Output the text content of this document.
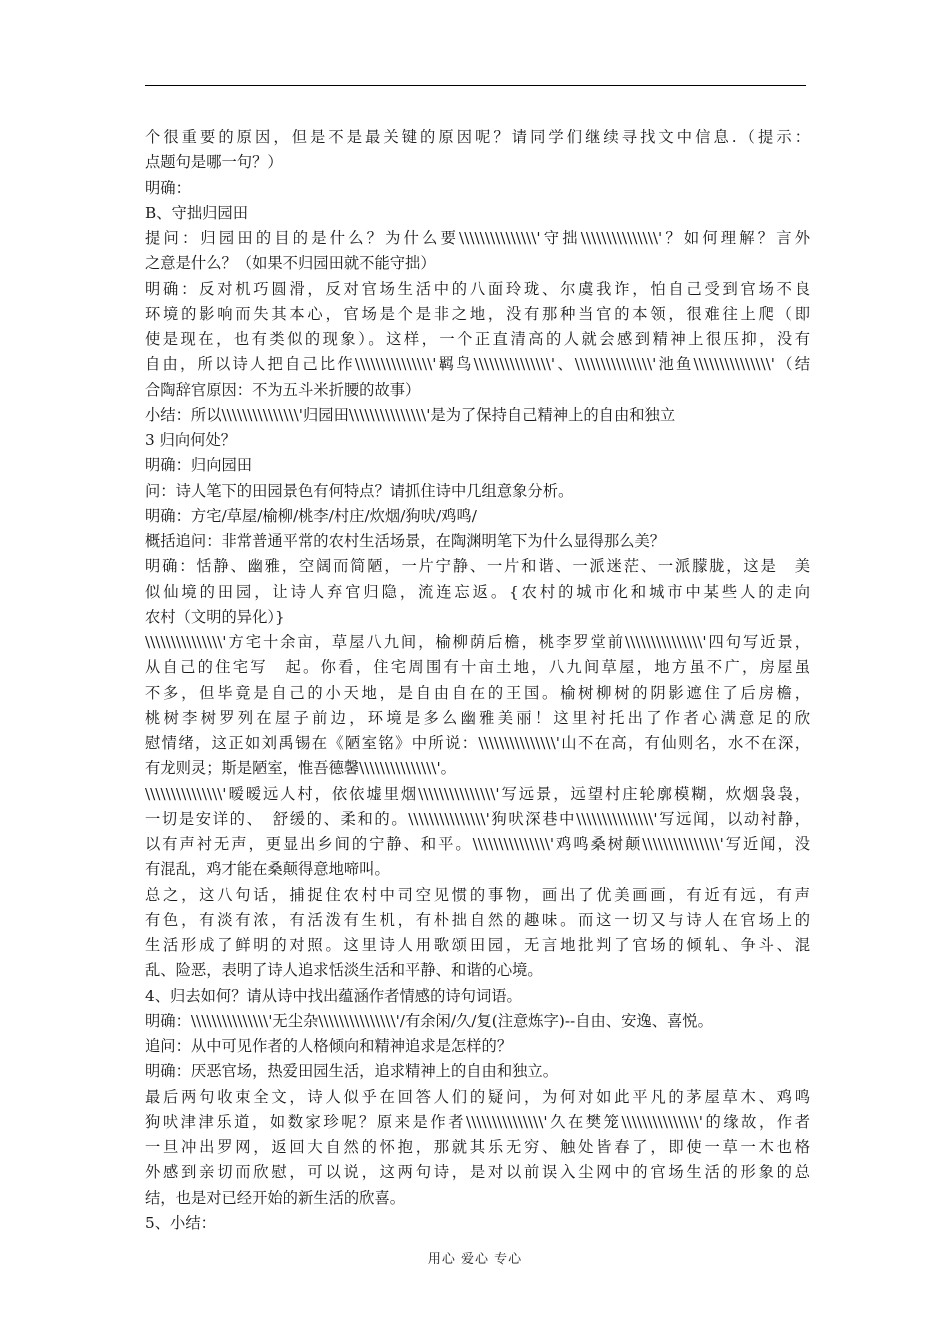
个很重要的原因，但是不是最关键的原因呢？请同学们继续寻找文中信息.（提示：
点题句是哪一句？）
明确：
B、守拙归园田
提问：归园田的目的是什么？为什么要\\\\\\\\\\\\\\\'守拙\\\\\\\\\\\\\\\'？如何理解？言外
之意是什么？（如果不归园田就不能守拙）
明确：反对机巧圆滑，反对官场生活中的八面玲珑、尔虞我诈，怕自己受到官场不良
环境的影响而失其本心，官场是个是非之地，没有那种当官的本领，很难往上爬（即
使是现在，也有类似的现象）。这样，一个正直清高的人就会感到精神上很压抑，没有
自由，所以诗人把自己比作\\\\\\\\\\\\\\\'羁鸟\\\\\\\\\\\\\\\'、\\\\\\\\\\\\\\\'池鱼\\\\\\\\\\\\\\\'（结
合陶辞官原因：不为五斗米折腰的故事）
小结：所以\\\\\\\\\\\\\\\'归园田\\\\\\\\\\\\\\\'是为了保持自己精神上的自由和独立
3 归向何处？
明确：归向园田
问：诗人笔下的田园景色有何特点？请抓住诗中几组意象分析。
明确：方宅/草屋/榆柳/桃李/村庄/炊烟/狗吠/鸡鸣/
概括追问：非常普通平常的农村生活场景，在陶渊明笔下为什么显得那么美？
明确：恬静、幽雅，空阔而简陋，一片宁静、一片和谐、一派迷茫、一派朦胧，这是　美
似仙境的田园，让诗人弃官归隐，流连忘返。{农村的城市化和城市中某些人的走向
农村（文明的异化）}
\\\\\\\\\\\\\\\'方宅十余亩，草屋八九间，榆柳荫后檐，桃李罗堂前\\\\\\\\\\\\\\\'四句写近景，
从自己的住宅写　起。你看，住宅周围有十亩土地，八九间草屋，地方虽不广，房屋虽
不多，但毕竟是自己的小天地，是自由自在的王国。榆树柳树的阴影遮住了后房檐，
桃树李树罗列在屋子前边，环境是多么幽雅美丽！这里衬托出了作者心满意足的欣
慰情绪，这正如刘禹锡在《陋室铭》中所说：\\\\\\\\\\\\\\\'山不在高，有仙则名，水不在深，
有龙则灵；斯是陋室，惟吾德馨\\\\\\\\\\\\\\\'。
\\\\\\\\\\\\\\\'暧暧远人村，依依墟里烟\\\\\\\\\\\\\\\'写远景，远望村庄轮廓模糊，炊烟袅袅，
一切是安详的、　舒缓的、柔和的。\\\\\\\\\\\\\\\'狗吠深巷中\\\\\\\\\\\\\\\'写远闻，以动衬静，
以有声衬无声，更显出乡间的宁静、和平。\\\\\\\\\\\\\\\'鸡鸣桑树颠\\\\\\\\\\\\\\\'写近闻，没
有混乱，鸡才能在桑颠得意地啼叫。
总之，这八句话，捕捉住农村中司空见惯的事物，画出了优美画画，有近有远，有声
有色，有淡有浓，有活泼有生机，有朴拙自然的趣味。而这一切又与诗人在官场上的
生活形成了鲜明的对照。这里诗人用歌颂田园，无言地批判了官场的倾轧、争斗、混
乱、险恶，表明了诗人追求恬淡生活和平静、和谐的心境。
4、归去如何？请从诗中找出蕴涵作者情感的诗句词语。
明确：\\\\\\\\\\\\\\\'无尘杂\\\\\\\\\\\\\\\'/有余闲/久/复(注意炼字)--自由、安逸、喜悦。
追问：从中可见作者的人格倾向和精神追求是怎样的？
明确：厌恶官场，热爱田园生活，追求精神上的自由和独立。
最后两句收束全文，诗人似乎在回答人们的疑问，为何对如此平凡的茅屋草木、鸡鸣
狗吠津津乐道，如数家珍呢？原来是作者\\\\\\\\\\\\\\\'久在樊笼\\\\\\\\\\\\\\\'的缘故，作者
一旦冲出罗网，返回大自然的怀抱，那就其乐无穷、触处皆春了，即使一草一木也格
外感到亲切而欣慰，可以说，这两句诗，是对以前误入尘网中的官场生活的形象的总
结，也是对已经开始的新生活的欣喜。
5、小结：
用心 爱心 专心
